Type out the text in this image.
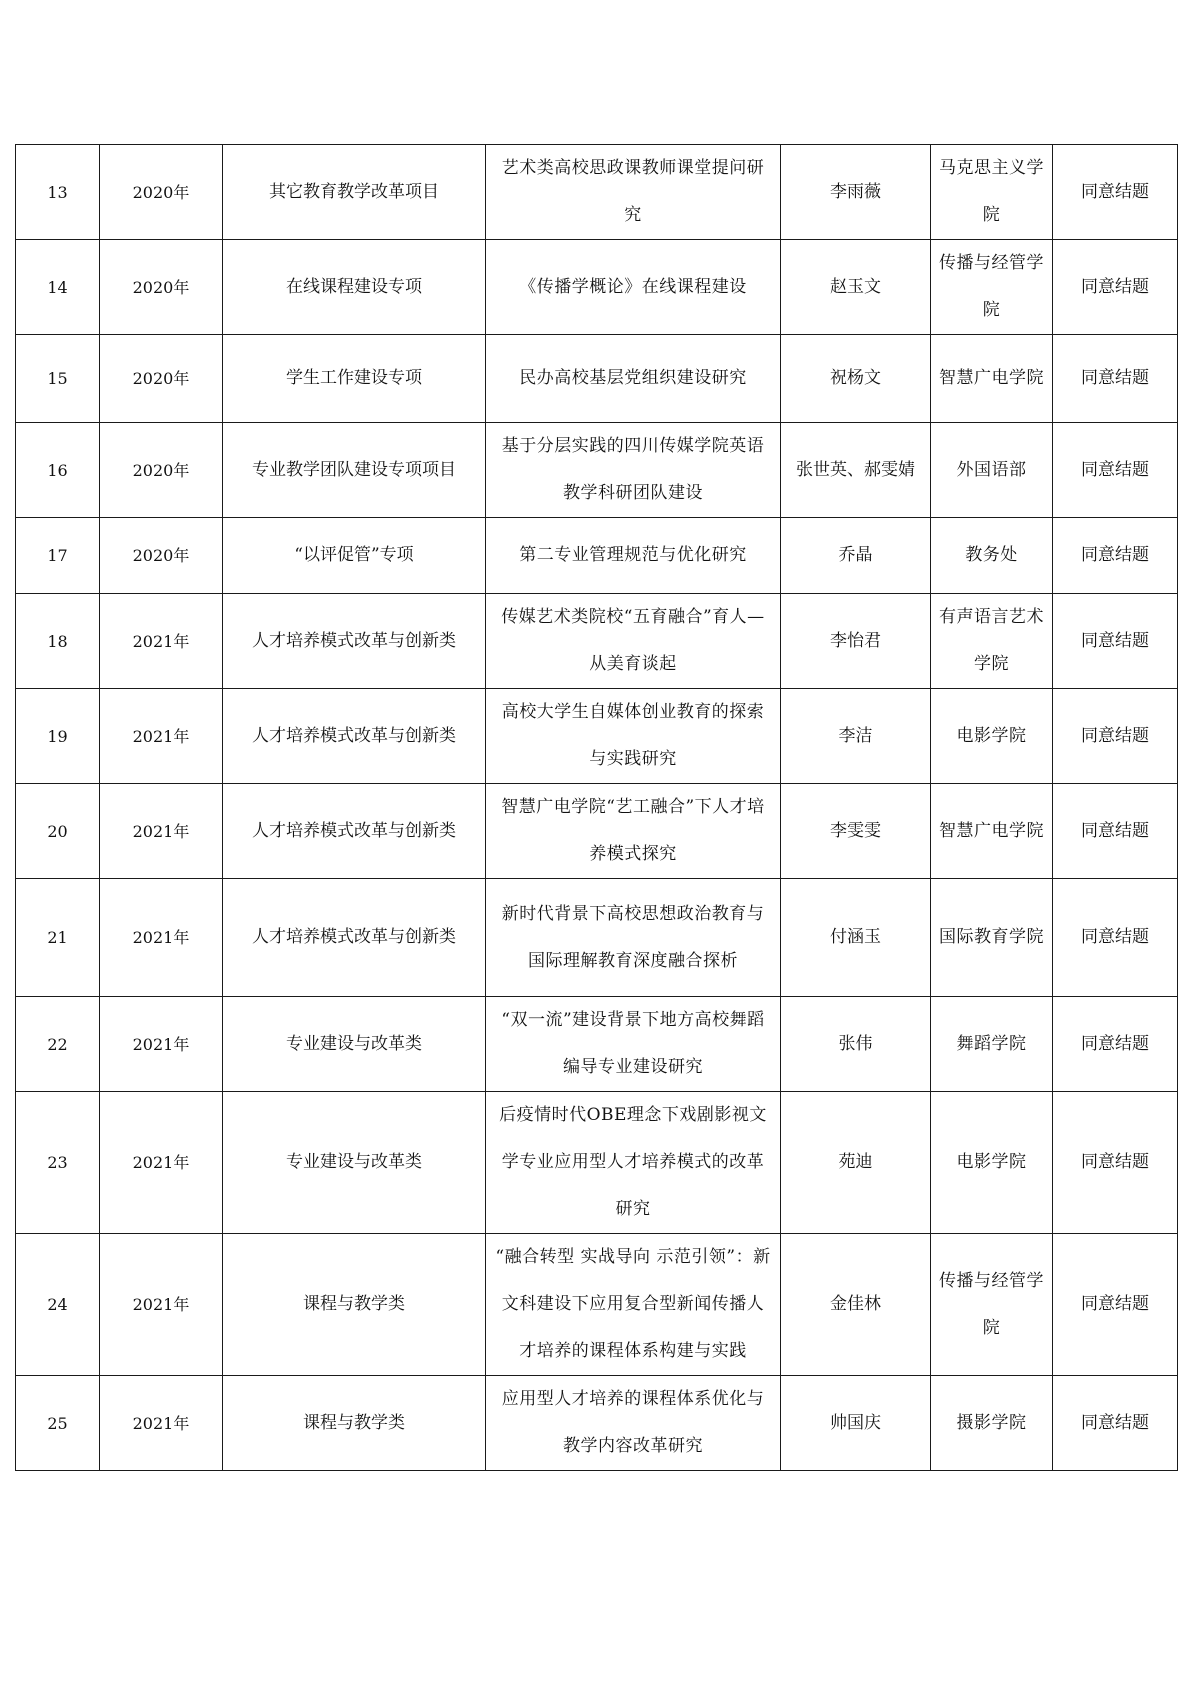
13	2020年	其它教育教学改革项目	艺术类高校思政课教师课堂提问研究	李雨薇	马克思主义学院	同意结题
14	2020年	在线课程建设专项	《传播学概论》在线课程建设	赵玉文	传播与经管学院	同意结题
15	2020年	学生工作建设专项	民办高校基层党组织建设研究	祝杨文	智慧广电学院	同意结题
16	2020年	专业教学团队建设专项项目	基于分层实践的四川传媒学院英语教学科研团队建设	张世英、郝雯婧	外国语部	同意结题
17	2020年	“以评促管”专项	第二专业管理规范与优化研究	乔晶	教务处	同意结题
18	2021年	人才培养模式改革与创新类	传媒艺术类院校“五育融合”育人—从美育谈起	李怡君	有声语言艺术学院	同意结题
19	2021年	人才培养模式改革与创新类	高校大学生自媒体创业教育的探索与实践研究	李洁	电影学院	同意结题
20	2021年	人才培养模式改革与创新类	智慧广电学院“艺工融合”下人才培养模式探究	李雯雯	智慧广电学院	同意结题
21	2021年	人才培养模式改革与创新类	新时代背景下高校思想政治教育与国际理解教育深度融合探析	付涵玉	国际教育学院	同意结题
22	2021年	专业建设与改革类	“双一流”建设背景下地方高校舞蹈编导专业建设研究	张伟	舞蹈学院	同意结题
23	2021年	专业建设与改革类	后疫情时代OBE理念下戏剧影视文学专业应用型人才培养模式的改革研究	苑迪	电影学院	同意结题
24	2021年	课程与教学类	“融合转型 实战导向 示范引领”：新文科建设下应用复合型新闻传播人才培养的课程体系构建与实践	金佳林	传播与经管学院	同意结题
25	2021年	课程与教学类	应用型人才培养的课程体系优化与教学内容改革研究	帅国庆	摄影学院	同意结题
